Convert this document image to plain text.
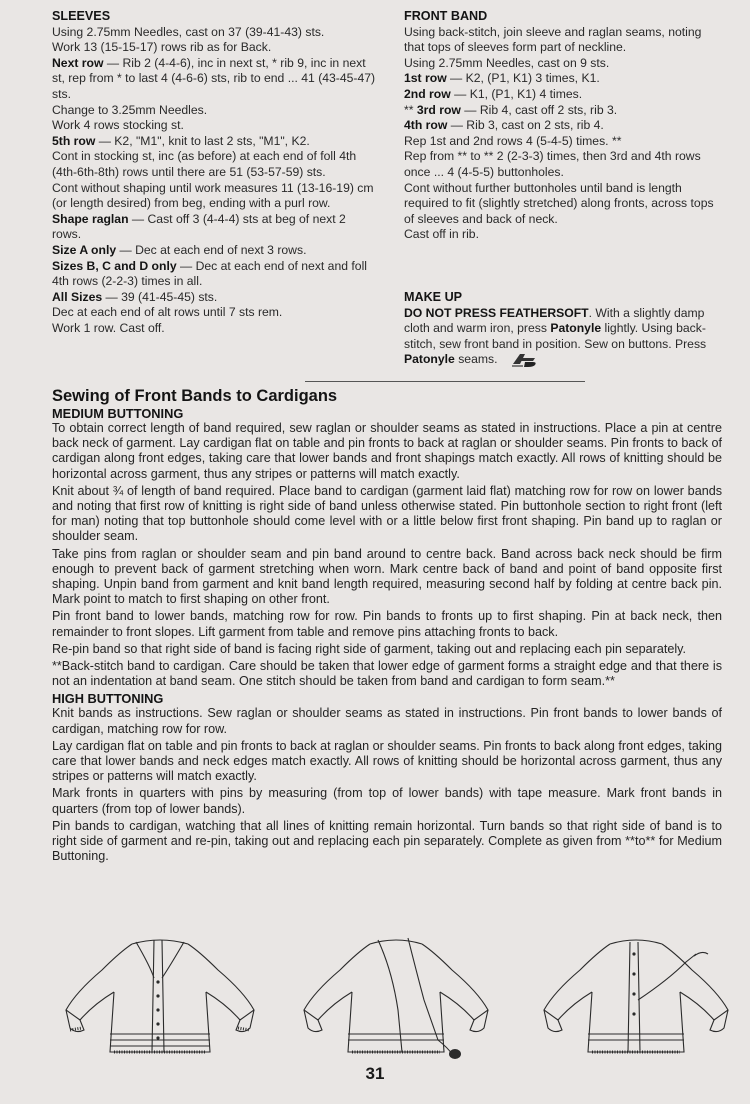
SLEEVES

Using 2.75mm Needles, cast on 37 (39-41-43) sts.

Work 13 (15-15-17) rows rib as for Back.

Next row — Rib 2 (4-4-6), inc in next st, * rib 9, inc in next st, rep from * to last 4 (4-6-6) sts, rib to end ... 41 (43-45-47) sts.

Change to 3.25mm Needles.

Work 4 rows stocking st.

5th row — K2, "M1", knit to last 2 sts, "M1", K2.

Cont in stocking st, inc (as before) at each end of foll 4th (4th-6th-8th) rows until there are 51 (53-57-59) sts.

Cont without shaping until work measures 11 (13-16-19) cm (or length desired) from beg, ending with a purl row.

Shape raglan — Cast off 3 (4-4-4) sts at beg of next 2 rows.

Size A only — Dec at each end of next 3 rows.

Sizes B, C and D only — Dec at each end of next and foll 4th rows (2-2-3) times in all.

All Sizes — 39 (41-45-45) sts.

Dec at each end of alt rows until 7 sts rem.

Work 1 row. Cast off.

FRONT BAND

Using back-stitch, join sleeve and raglan seams, noting that tops of sleeves form part of neckline.

Using 2.75mm Needles, cast on 9 sts.

1st row — K2, (P1, K1) 3 times, K1.

2nd row — K1, (P1, K1) 4 times.

** 3rd row — Rib 4, cast off 2 sts, rib 3.

4th row — Rib 3, cast on 2 sts, rib 4.

Rep 1st and 2nd rows 4 (5-4-5) times. **

Rep from ** to ** 2 (2-3-3) times, then 3rd and 4th rows once ... 4 (4-5-5) buttonholes.

Cont without further buttonholes until band is length required to fit (slightly stretched) along fronts, across tops of sleeves and back of neck.

Cast off in rib.

MAKE UP

DO NOT PRESS FEATHERSOFT. With a slightly damp cloth and warm iron, press Patonyle lightly. Using back-stitch, sew front band in position. Sew on buttons. Press Patonyle seams.

Sewing of Front Bands to Cardigans
MEDIUM BUTTONING

To obtain correct length of band required, sew raglan or shoulder seams as stated in instructions. Place a pin at centre back neck of garment. Lay cardigan flat on table and pin fronts to back at raglan or shoulder seams. Pin fronts to back of cardigan along front edges, taking care that lower bands and front shapings match exactly. All rows of knitting should be horizontal across garment, thus any stripes or patterns will match exactly.

Knit about ¾ of length of band required. Place band to cardigan (garment laid flat) matching row for row on lower bands and noting that first row of knitting is right side of band unless otherwise stated. Pin buttonhole section to right front (left for man) noting that top buttonhole should come level with or a little below first front shaping. Pin band up to raglan or shoulder seam.

Take pins from raglan or shoulder seam and pin band around to centre back. Band across back neck should be firm enough to prevent back of garment stretching when worn. Mark centre back of band and point of band opposite first shaping. Unpin band from garment and knit band length required, measuring second half by folding at centre back pin. Mark point to match to first shaping on other front.

Pin front band to lower bands, matching row for row. Pin bands to fronts up to first shaping. Pin at back neck, then remainder to front slopes. Lift garment from table and remove pins attaching fronts to back.

Re-pin band so that right side of band is facing right side of garment, taking out and replacing each pin separately.

**Back-stitch band to cardigan. Care should be taken that lower edge of garment forms a straight edge and that there is not an indentation at band seam. One stitch should be taken from band and cardigan to form seam.**

HIGH BUTTONING

Knit bands as instructions. Sew raglan or shoulder seams as stated in instructions. Pin front bands to lower bands of cardigan, matching row for row.

Lay cardigan flat on table and pin fronts to back at raglan or shoulder seams. Pin fronts to back along front edges, taking care that lower bands and neck edges match exactly. All rows of knitting should be horizontal across garment, thus any stripes or patterns will match exactly.

Mark fronts in quarters with pins by measuring (from top of lower bands) with tape measure. Mark front bands in quarters (from top of lower bands).

Pin bands to cardigan, watching that all lines of knitting remain horizontal. Turn bands so that right side of band is to right side of garment and re-pin, taking out and replacing each pin separately. Complete as given from **to** for Medium Buttoning.

31
